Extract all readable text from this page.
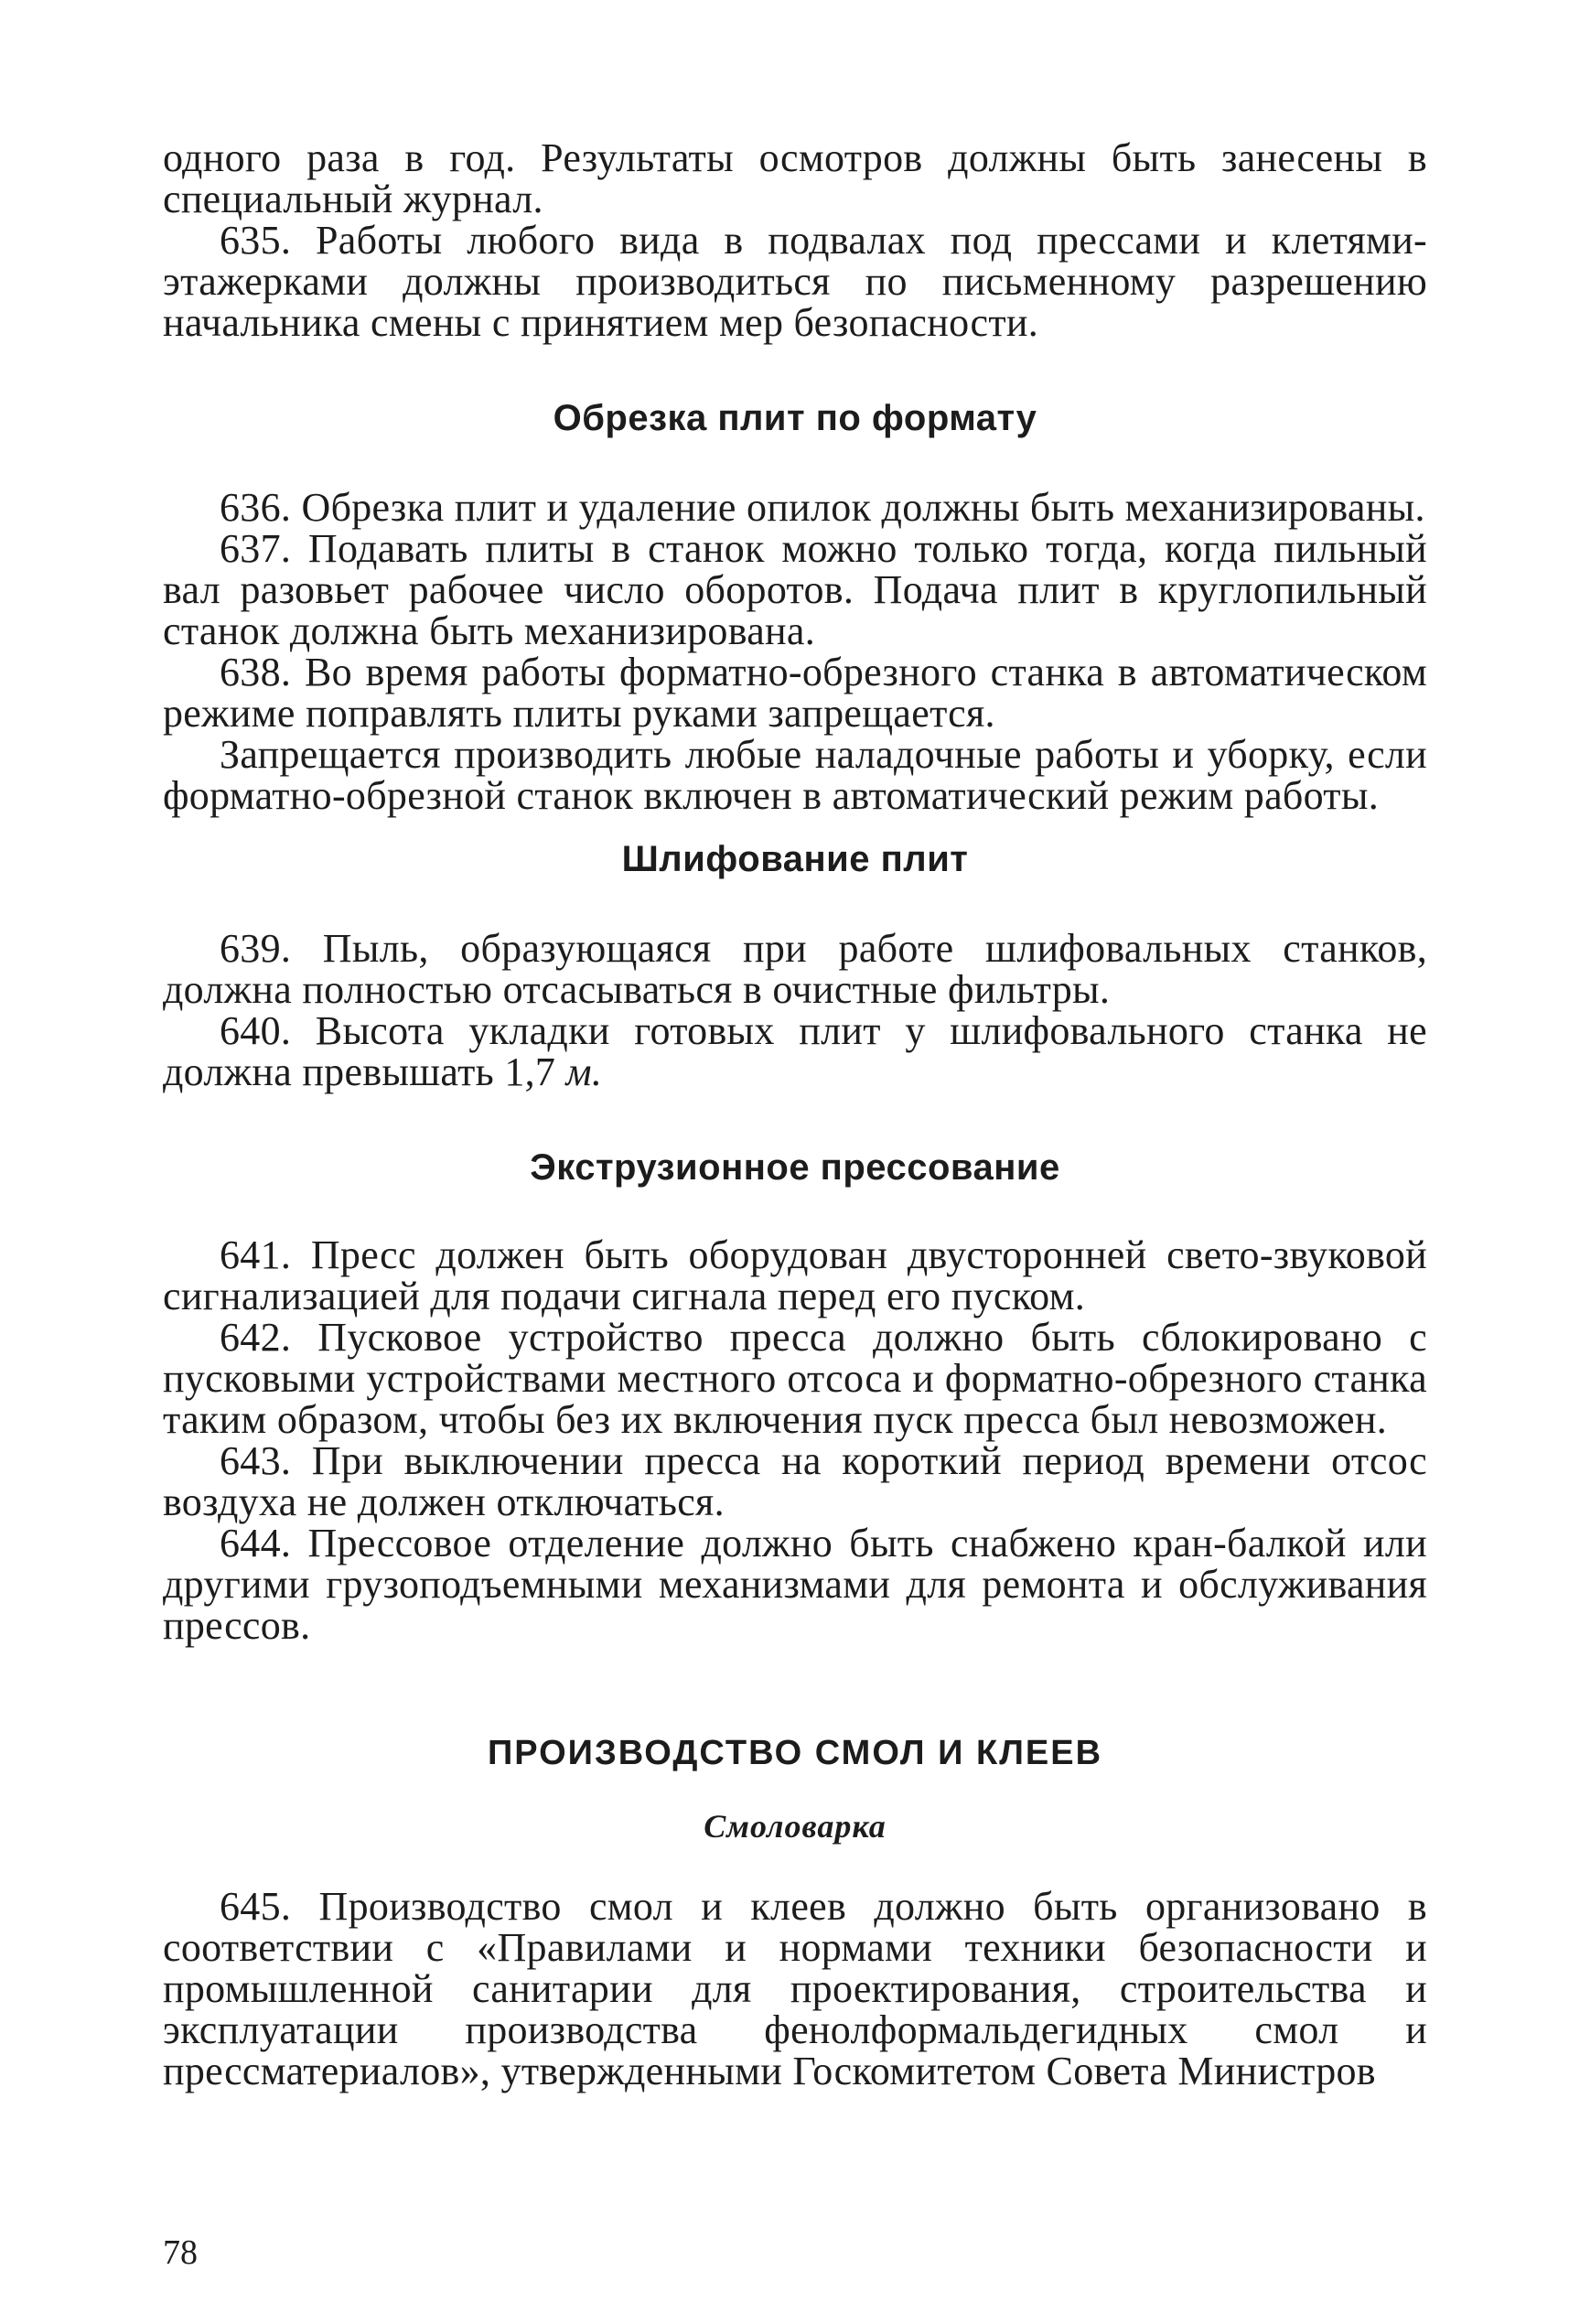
одного раза в год. Результаты осмотров должны быть занесены в специальный журнал.

635. Работы любого вида в подвалах под прессами и клетями-этажерками должны производиться по письменному разрешению начальника смены с принятием мер безопасности.

Обрезка плит по формату

636. Обрезка плит и удаление опилок должны быть механизированы.

637. Подавать плиты в станок можно только тогда, когда пильный вал разовьет рабочее число оборотов. Подача плит в круглопильный станок должна быть механизирована.

638. Во время работы форматно-обрезного станка в автоматическом режиме поправлять плиты руками запрещается.

Запрещается производить любые наладочные работы и уборку, если форматно-обрезной станок включен в автоматический режим работы.

Шлифование плит

639. Пыль, образующаяся при работе шлифовальных станков, должна полностью отсасываться в очистные фильтры.

640. Высота укладки готовых плит у шлифовального станка не должна превышать 1,7 м.

Экструзионное прессование

641. Пресс должен быть оборудован двусторонней свето-звуковой сигнализацией для подачи сигнала перед его пуском.

642. Пусковое устройство пресса должно быть сблокировано с пусковыми устройствами местного отсоса и форматно-обрезного станка таким образом, чтобы без их включения пуск пресса был невозможен.

643. При выключении пресса на короткий период времени отсос воздуха не должен отключаться.

644. Прессовое отделение должно быть снабжено кран-балкой или другими грузоподъемными механизмами для ремонта и обслуживания прессов.

ПРОИЗВОДСТВО СМОЛ И КЛЕЕВ
Смоловарка

645. Производство смол и клеев должно быть организовано в соответствии с «Правилами и нормами техники безопасности и промышленной санитарии для проектирования, строительства и эксплуатации производства фенолформальдегидных смол и прессматериалов», утвержденными Госкомитетом Совета Министров

78
